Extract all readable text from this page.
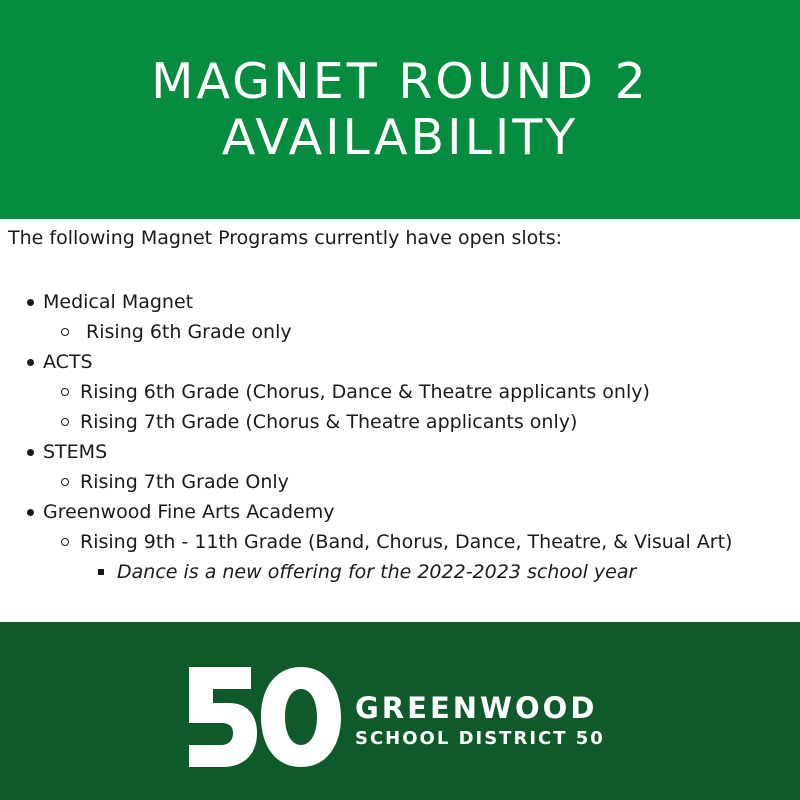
MAGNET ROUND 2
AVAILABILITY
The following Magnet Programs currently have open slots:
Medical Magnet
Rising 6th Grade only
ACTS
Rising 6th Grade (Chorus, Dance & Theatre applicants only)
Rising 7th Grade (Chorus & Theatre applicants only)
STEMS
Rising 7th Grade Only
Greenwood Fine Arts Academy
Rising 9th - 11th Grade (Band, Chorus, Dance, Theatre, & Visual Art)
Dance is a new offering for the 2022-2023 school year
GREENWOOD
SCHOOL DISTRICT 50
